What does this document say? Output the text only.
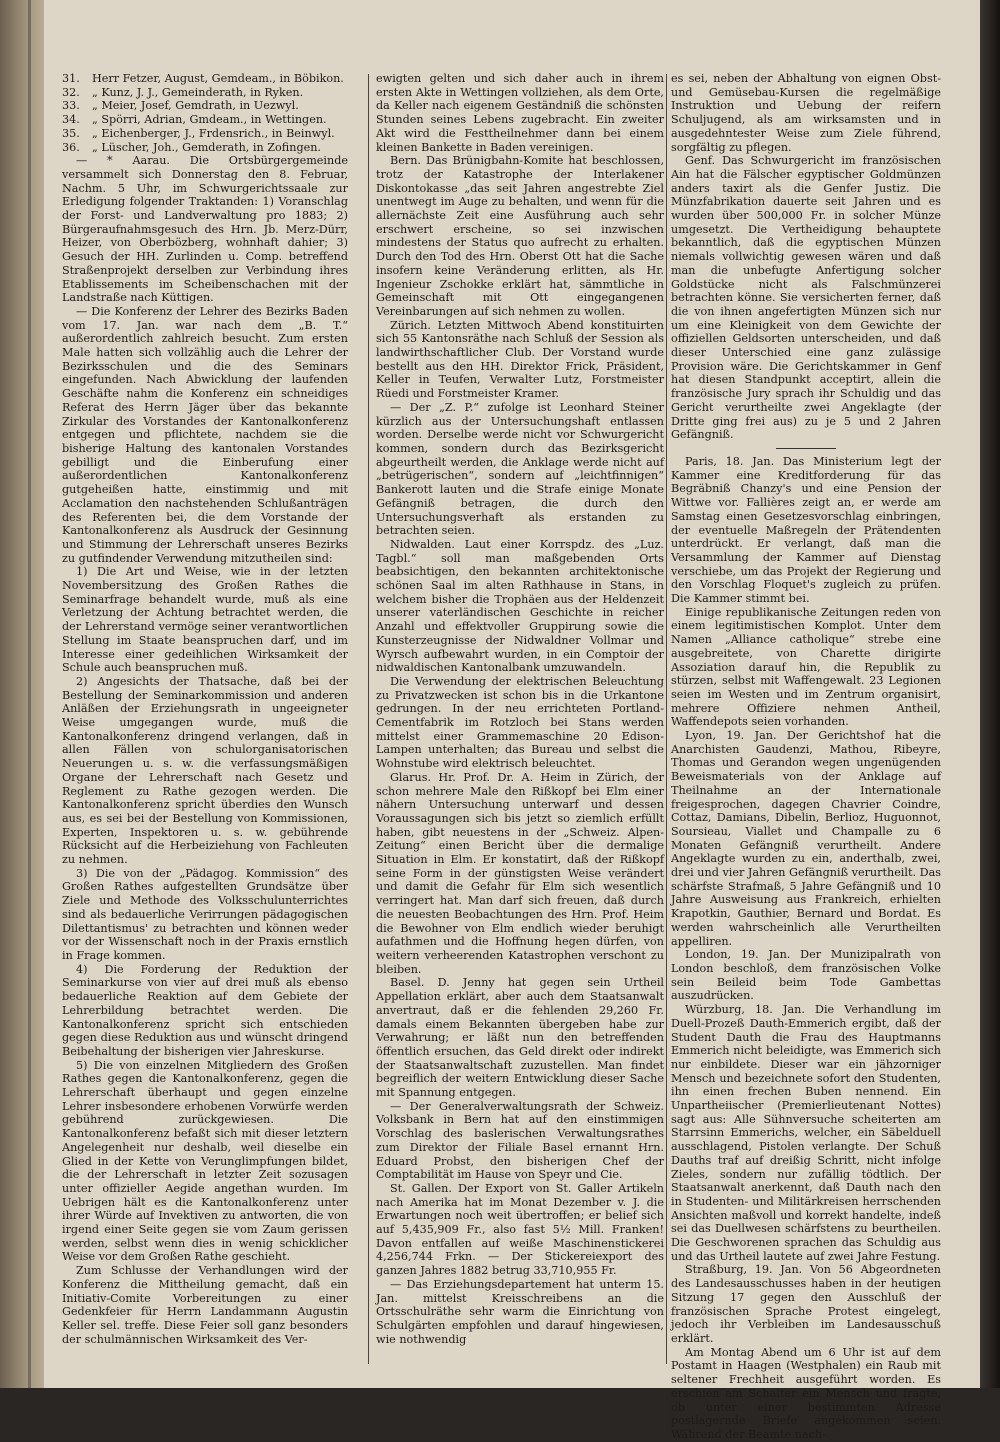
31.	Herr Fetzer, August, Gemdeam., in Böbikon.
32.	„ Kunz, J. J., Gemeinderath, in Ryken.
33.	„ Meier, Josef, Gemdrath, in Uezwyl.
34.	„ Spörri, Adrian, Gmdeam., in Wettingen.
35.	„ Eichenberger, J., Frdensrich., in Beinwyl.
36.	„ Lüscher, Joh., Gemderath, in Zofingen.

— * Aarau. Die Ortsbürgergemeinde versammelt sich Donnerstag den 8. Februar, Nachm. 5 Uhr, im Schwurgerichtssaale zur Erledigung folgender Traktanden: 1) Voranschlag der Forst- und Landverwaltung pro 1883; 2) Bürgeraufnahmsgesuch des Hrn. Jb. Merz-Dürr, Heizer, von Oberbözberg, wohnhaft dahier; 3) Gesuch der HH. Zurlinden u. Comp. betreffend Straßenprojekt derselben zur Verbindung ihres Etablissements im Scheibenschachen mit der Landstraße nach Küttigen.

— Die Konferenz der Lehrer des Bezirks Baden vom 17. Jan. war nach dem „B. T.“ außerordentlich zahlreich besucht. Zum ersten Male hatten sich vollzählig auch die Lehrer der Bezirksschulen und die des Seminars eingefunden. Nach Abwicklung der laufenden Geschäfte nahm die Konferenz ein schneidiges Referat des Herrn Jäger über das bekannte Zirkular des Vorstandes der Kantonalkonferenz entgegen und pflichtete, nachdem sie die bisherige Haltung des kantonalen Vorstandes gebilligt und die Einberufung einer außerordentlichen Kantonalkonferenz gutgeheißen hatte, einstimmig und mit Acclamation den nachstehenden Schlußanträgen des Referenten bei, die dem Vorstande der Kantonalkonferenz als Ausdruck der Gesinnung und Stimmung der Lehrerschaft unseres Bezirks zu gutfindender Verwendung mitzutheilen sind:

1) Die Art und Weise, wie in der letzten Novembersitzung des Großen Rathes die Seminarfrage behandelt wurde, muß als eine Verletzung der Achtung betrachtet werden, die der Lehrerstand vermöge seiner verantwortlichen Stellung im Staate beanspruchen darf, und im Interesse einer gedeihlichen Wirksamkeit der Schule auch beanspruchen muß.

2) Angesichts der Thatsache, daß bei der Bestellung der Seminarkommission und anderen Anläßen der Erziehungsrath in ungeeigneter Weise umgegangen wurde, muß die Kantonalkonferenz dringend verlangen, daß in allen Fällen von schulorganisatorischen Neuerungen u. s. w. die verfassungsmäßigen Organe der Lehrerschaft nach Gesetz und Reglement zu Rathe gezogen werden. Die Kantonalkonferenz spricht überdies den Wunsch aus, es sei bei der Bestellung von Kommissionen, Experten, Inspektoren u. s. w. gebührende Rücksicht auf die Herbeiziehung von Fachleuten zu nehmen.

3) Die von der „Pädagog. Kommission“ des Großen Rathes aufgestellten Grundsätze über Ziele und Methode des Volksschulunterrichtes sind als bedauerliche Verirrungen pädagogischen Dilettantismus' zu betrachten und können weder vor der Wissenschaft noch in der Praxis ernstlich in Frage kommen.

4) Die Forderung der Reduktion der Seminarkurse von vier auf drei muß als ebenso bedauerliche Reaktion auf dem Gebiete der Lehrerbildung betrachtet werden. Die Kantonalkonferenz spricht sich entschieden gegen diese Reduktion aus und wünscht dringend Beibehaltung der bisherigen vier Jahreskurse.

5) Die von einzelnen Mitgliedern des Großen Rathes gegen die Kantonalkonferenz, gegen die Lehrerschaft überhaupt und gegen einzelne Lehrer insbesondere erhobenen Vorwürfe werden gebührend zurückgewiesen. Die Kantonalkonferenz befaßt sich mit dieser letztern Angelegenheit nur deshalb, weil dieselbe ein Glied in der Kette von Verunglimpfungen bildet, die der Lehrerschaft in letzter Zeit sozusagen unter offizieller Aegide angethan wurden. Im Uebrigen hält es die Kantonalkonferenz unter ihrer Würde auf Invektiven zu antworten, die von irgend einer Seite gegen sie vom Zaum gerissen werden, selbst wenn dies in wenig schicklicher Weise vor dem Großen Rathe geschieht.

Zum Schlusse der Verhandlungen wird der Konferenz die Mittheilung gemacht, daß ein Initiativ-Comite Vorbereitungen zu einer Gedenkfeier für Herrn Landammann Augustin Keller sel. treffe. Diese Feier soll ganz besonders der schulmännischen Wirksamkeit des Ver-

ewigten gelten und sich daher auch in ihrem ersten Akte in Wettingen vollziehen, als dem Orte, da Keller nach eigenem Geständniß die schönsten Stunden seines Lebens zugebracht. Ein zweiter Akt wird die Festtheilnehmer dann bei einem kleinen Bankette in Baden vereinigen.

Bern. Das Brünigbahn-Komite hat beschlossen, trotz der Katastrophe der Interlakener Diskontokasse „das seit Jahren angestrebte Ziel unentwegt im Auge zu behalten, und wenn für die allernächste Zeit eine Ausführung auch sehr erschwert erscheine, so sei inzwischen mindestens der Status quo aufrecht zu erhalten. Durch den Tod des Hrn. Oberst Ott hat die Sache insofern keine Veränderung erlitten, als Hr. Ingenieur Zschokke erklärt hat, sämmtliche in Gemeinschaft mit Ott eingegangenen Vereinbarungen auf sich nehmen zu wollen.

Zürich. Letzten Mittwoch Abend konstituirten sich 55 Kantonsräthe nach Schluß der Session als landwirthschaftlicher Club. Der Vorstand wurde bestellt aus den HH. Direktor Frick, Präsident, Keller in Teufen, Verwalter Lutz, Forstmeister Rüedi und Forstmeister Kramer.

— Der „Z. P.“ zufolge ist Leonhard Steiner kürzlich aus der Untersuchungshaft entlassen worden. Derselbe werde nicht vor Schwurgericht kommen, sondern durch das Bezirksgericht abgeurtheilt werden, die Anklage werde nicht auf „betrügerischen“, sondern auf „leichtfinnigen“ Bankerott lauten und die Strafe einige Monate Gefängniß betragen, die durch den Untersuchungsverhaft als erstanden zu betrachten seien.

Nidwalden. Laut einer Korrspdz. des „Luz. Tagbl.“ soll man maßgebenden Orts beabsichtigen, den bekannten architektonische schönen Saal im alten Rathhause in Stans, in welchem bisher die Trophäen aus der Heldenzeit unserer vaterländischen Geschichte in reicher Anzahl und effektvoller Gruppirung sowie die Kunsterzeugnisse der Nidwaldner Vollmar und Wyrsch aufbewahrt wurden, in ein Comptoir der nidwaldischen Kantonalbank umzuwandeln.

Die Verwendung der elektrischen Beleuchtung zu Privatzwecken ist schon bis in die Urkantone gedrungen. In der neu errichteten Portland-Cementfabrik im Rotzloch bei Stans werden mittelst einer Grammemaschine 20 Edison-Lampen unterhalten; das Bureau und selbst die Wohnstube wird elektrisch beleuchtet.

Glarus. Hr. Prof. Dr. A. Heim in Zürich, der schon mehrere Male den Rißkopf bei Elm einer nähern Untersuchung unterwarf und dessen Voraussagungen sich bis jetzt so ziemlich erfüllt haben, gibt neuestens in der „Schweiz. Alpen-Zeitung“ einen Bericht über die dermalige Situation in Elm. Er konstatirt, daß der Rißkopf seine Form in der günstigsten Weise verändert und damit die Gefahr für Elm sich wesentlich verringert hat. Man darf sich freuen, daß durch die neuesten Beobachtungen des Hrn. Prof. Heim die Bewohner von Elm endlich wieder beruhigt aufathmen und die Hoffnung hegen dürfen, von weitern verheerenden Katastrophen verschont zu bleiben.

Basel. D. Jenny hat gegen sein Urtheil Appellation erklärt, aber auch dem Staatsanwalt anvertraut, daß er die fehlenden 29,260 Fr. damals einem Bekannten übergeben habe zur Verwahrung; er läßt nun den betreffenden öffentlich ersuchen, das Geld direkt oder indirekt der Staatsanwaltschaft zuzustellen. Man findet begreiflich der weitern Entwicklung dieser Sache mit Spannung entgegen.

— Der Generalverwaltungsrath der Schweiz. Volksbank in Bern hat auf den einstimmigen Vorschlag des baslerischen Verwaltungsrathes zum Direktor der Filiale Basel ernannt Hrn. Eduard Probst, den bisherigen Chef der Comptabilität im Hause von Speyr und Cie.

St. Gallen. Der Export von St. Galler Artikeln nach Amerika hat im Monat Dezember v. J. die Erwartungen noch weit übertroffen; er belief sich auf 5,435,909 Fr., also fast 5½ Mill. Franken! Davon entfallen auf weiße Maschinenstickerei 4,256,744 Frkn. — Der Stickereiexport des ganzen Jahres 1882 betrug 33,710,955 Fr.

— Das Erziehungsdepartement hat unterm 15. Jan. mittelst Kreisschreibens an die Ortsschulräthe sehr warm die Einrichtung von Schulgärten empfohlen und darauf hingewiesen, wie nothwendig

es sei, neben der Abhaltung von eignen Obst- und Gemüsebau-Kursen die regelmäßige Instruktion und Uebung der reifern Schuljugend, als am wirksamsten und in ausgedehntester Weise zum Ziele führend, sorgfältig zu pflegen.

Genf. Das Schwurgericht im französischen Ain hat die Fälscher egyptischer Goldmünzen anders taxirt als die Genfer Justiz. Die Münzfabrikation dauerte seit Jahren und es wurden über 500,000 Fr. in solcher Münze umgesetzt. Die Vertheidigung behauptete bekanntlich, daß die egyptischen Münzen niemals vollwichtig gewesen wären und daß man die unbefugte Anfertigung solcher Goldstücke nicht als Falschmünzerei betrachten könne. Sie versicherten ferner, daß die von ihnen angefertigten Münzen sich nur um eine Kleinigkeit von dem Gewichte der offiziellen Geldsorten unterscheiden, und daß dieser Unterschied eine ganz zulässige Provision wäre. Die Gerichtskammer in Genf hat diesen Standpunkt acceptirt, allein die französische Jury sprach ihr Schuldig und das Gericht verurtheilte zwei Angeklagte (der Dritte ging frei aus) zu je 5 und 2 Jahren Gefängniß.

Paris, 18. Jan. Das Ministerium legt der Kammer eine Kreditforderung für das Begräbniß Chanzy's und eine Pension der Wittwe vor. Fallières zeigt an, er werde am Samstag einen Gesetzesvorschlag einbringen, der eventuelle Maßregeln der Prätendenten unterdrückt. Er verlangt, daß man die Versammlung der Kammer auf Dienstag verschiebe, um das Projekt der Regierung und den Vorschlag Floquet's zugleich zu prüfen. Die Kammer stimmt bei.

Einige republikanische Zeitungen reden von einem legitimistischen Komplot. Unter dem Namen „Alliance catholique“ strebe eine ausgebreitete, von Charette dirigirte Assoziation darauf hin, die Republik zu stürzen, selbst mit Waffengewalt. 23 Legionen seien im Westen und im Zentrum organisirt, mehrere Offiziere nehmen Antheil, Waffendepots seien vorhanden.

Lyon, 19. Jan. Der Gerichtshof hat die Anarchisten Gaudenzi, Mathou, Ribeyre, Thomas und Gerandon wegen ungenügenden Beweismaterials von der Anklage auf Theilnahme an der Internationale freigesprochen, dagegen Chavrier Coindre, Cottaz, Damians, Dibelin, Berlioz, Huguonnot, Soursieau, Viallet und Champalle zu 6 Monaten Gefängniß verurtheilt. Andere Angeklagte wurden zu ein, anderthalb, zwei, drei und vier Jahren Gefängniß verurtheilt. Das schärfste Strafmaß, 5 Jahre Gefängniß und 10 Jahre Ausweisung aus Frankreich, erhielten Krapotkin, Gauthier, Bernard und Bordat. Es werden wahrscheinlich alle Verurtheilten appelliren.

London, 19. Jan. Der Munizipalrath von London beschloß, dem französischen Volke sein Beileid beim Tode Gambettas auszudrücken.

Würzburg, 18. Jan. Die Verhandlung im Duell-Prozeß Dauth-Emmerich ergibt, daß der Student Dauth die Frau des Hauptmanns Emmerich nicht beleidigte, was Emmerich sich nur einbildete. Dieser war ein jähzorniger Mensch und bezeichnete sofort den Studenten, ihn einen frechen Buben nennend. Ein Unpartheiischer (Premierlieutenant Nottes) sagt aus: Alle Sühnversuche scheiterten am Starrsinn Emmerichs, welcher, ein Säbelduell ausschlagend, Pistolen verlangte. Der Schuß Dauths traf auf dreißig Schritt, nicht infolge Zieles, sondern nur zufällig tödtlich. Der Staatsanwalt anerkennt, daß Dauth nach den in Studenten- und Militärkreisen herrschenden Ansichten maßvoll und korrekt handelte, indeß sei das Duellwesen schärfstens zu beurtheilen. Die Geschworenen sprachen das Schuldig aus und das Urtheil lautete auf zwei Jahre Festung.

Straßburg, 19. Jan. Von 56 Abgeordneten des Landesausschusses haben in der heutigen Sitzung 17 gegen den Ausschluß der französischen Sprache Protest eingelegt, jedoch ihr Verbleiben im Landesausschuß erklärt.

Am Montag Abend um 6 Uhr ist auf dem Postamt in Haagen (Westphalen) ein Raub mit seltener Frechheit ausgeführt worden. Es erschien am Schalter ein Mensch und fragte, ob unter einer bestimmten Adresse postlagernde Briefe angekommen seien. Während der Beamte nach-
